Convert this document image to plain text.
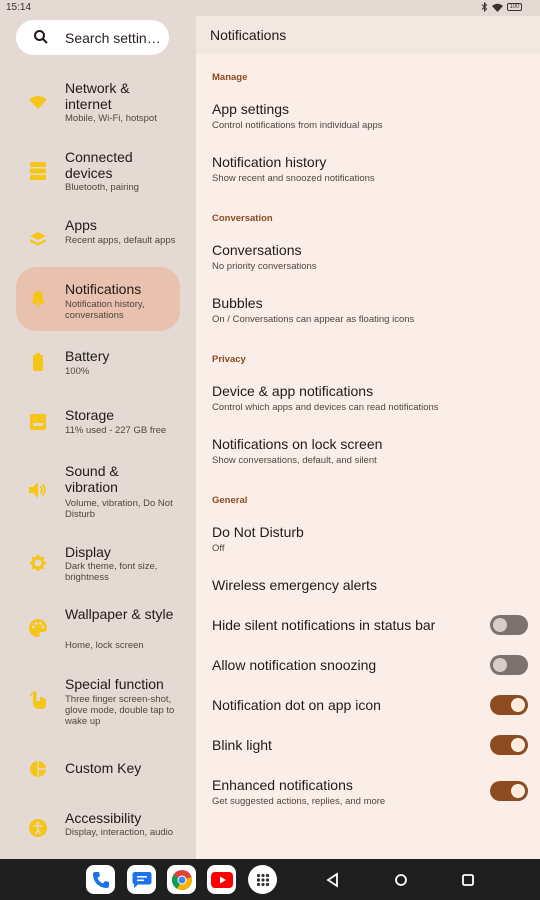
15:14	100
Search settin…
Network & internet
Mobile, Wi-Fi, hotspot
Connected devices
Bluetooth, pairing
Apps
Recent apps, default apps
Notifications
Notification history, conversations
Battery
100%
Storage
11% used - 227 GB free
Sound & vibration
Volume, vibration, Do Not Disturb
Display
Dark theme, font size, brightness
Wallpaper & style
Home, lock screen
Special function
Three finger screen-shot, glove mode, double tap to wake up
Custom Key
Accessibility
Display, interaction, audio
Notifications
Manage
App settings
Control notifications from individual apps
Notification history
Show recent and snoozed notifications
Conversation
Conversations
No priority conversations
Bubbles
On / Conversations can appear as floating icons
Privacy
Device & app notifications
Control which apps and devices can read notifications
Notifications on lock screen
Show conversations, default, and silent
General
Do Not Disturb
Off
Wireless emergency alerts
Hide silent notifications in status bar
Allow notification snoozing
Notification dot on app icon
Blink light
Enhanced notifications
Get suggested actions, replies, and more
